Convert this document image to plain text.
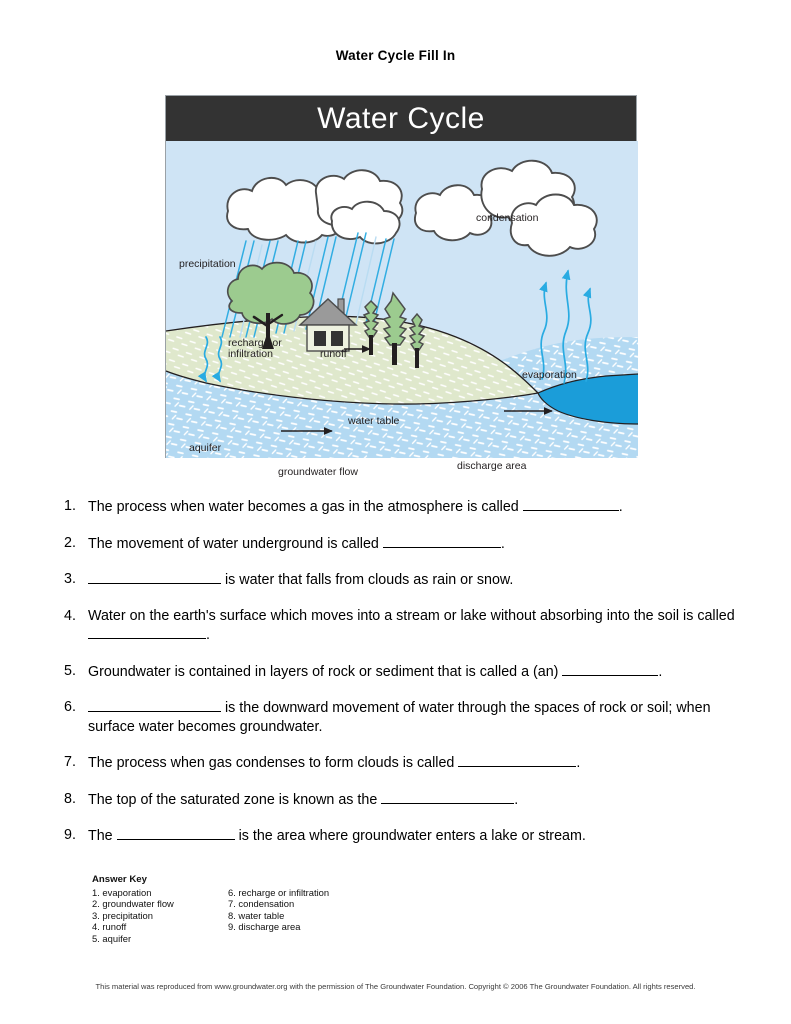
Water Cycle Fill In
Water Cycle
precipitation
condensation
runoff
recharge or
infiltration
evaporation
water table
aquifer
groundwater flow	discharge area
1. The process when water becomes a gas in the atmosphere is called	.
2. The movement of water underground is called	.
3.	is water that falls from clouds as rain or snow.
4. Water on the earth's surface which moves into a stream or lake without absorbing into the soil is called .
5. Groundwater is contained in layers of rock or sediment that is called a (an)	.
6.	is the downward movement of water through the spaces of rock or soil; when surface water becomes groundwater.
7. The process when gas condenses to form clouds is called	.
8. The top of the saturated zone is known as the	.
9. The	is the area where groundwater enters a lake or stream.
Answer Key
1. evaporation
2. groundwater flow
3. precipitation
4. runoff
5. aquifer
6. recharge or infiltration
7. condensation
8. water table
9. discharge area
This material was reproduced from www.groundwater.org with the permission of The Groundwater Foundation. Copyright © 2006 The Groundwater Foundation. All rights reserved.
